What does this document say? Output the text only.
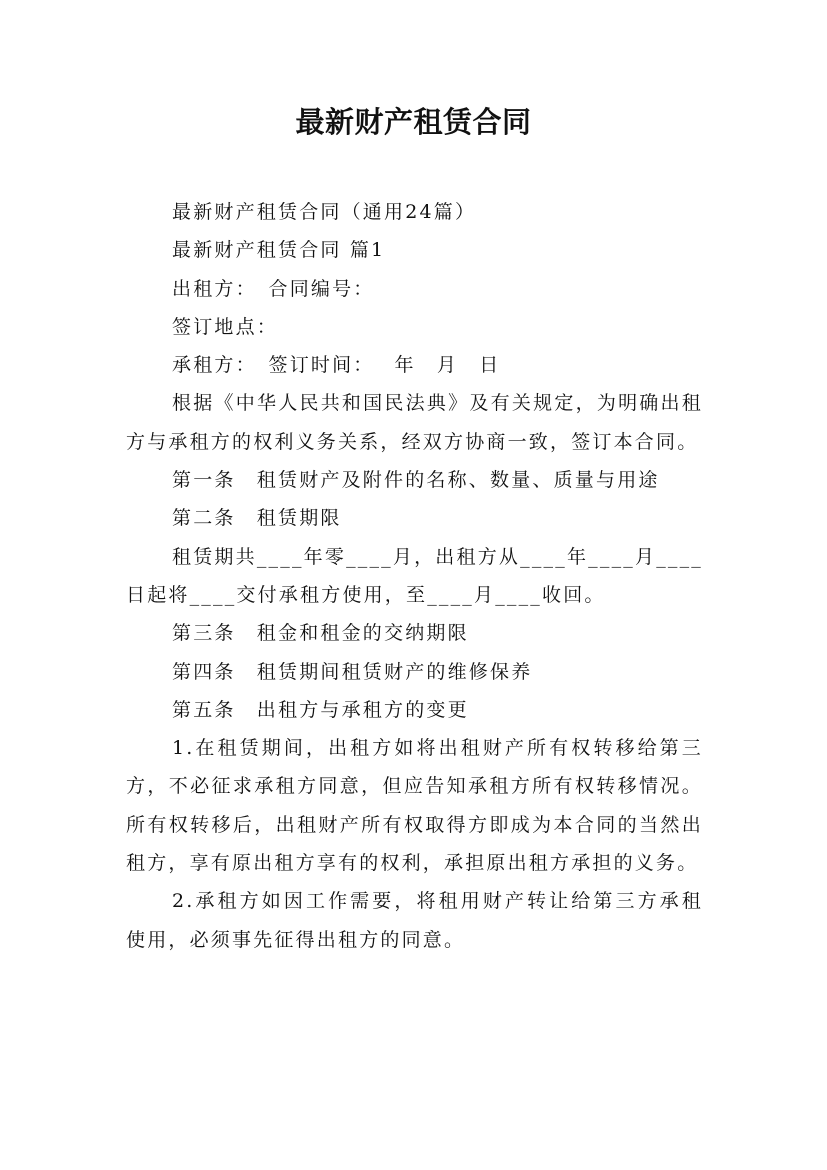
最新财产租赁合同

最新财产租赁合同（通用24篇）

最新财产租赁合同 篇1

出租方：　合同编号：

签订地点：

承租方：　签订时间：　 年　月　日

根据《中华人民共和国民法典》及有关规定，为明确出租方与承租方的权利义务关系，经双方协商一致，签订本合同。

第一条　租赁财产及附件的名称、数量、质量与用途

第二条　租赁期限

租赁期共____年零____月，出租方从____年____月____日起将____交付承租方使用，至____月____收回。

第三条　租金和租金的交纳期限

第四条　租赁期间租赁财产的维修保养

第五条　出租方与承租方的变更

1.在租赁期间，出租方如将出租财产所有权转移给第三方，不必征求承租方同意，但应告知承租方所有权转移情况。所有权转移后，出租财产所有权取得方即成为本合同的当然出租方，享有原出租方享有的权利，承担原出租方承担的义务。

2.承租方如因工作需要，将租用财产转让给第三方承租使用，必须事先征得出租方的同意。
